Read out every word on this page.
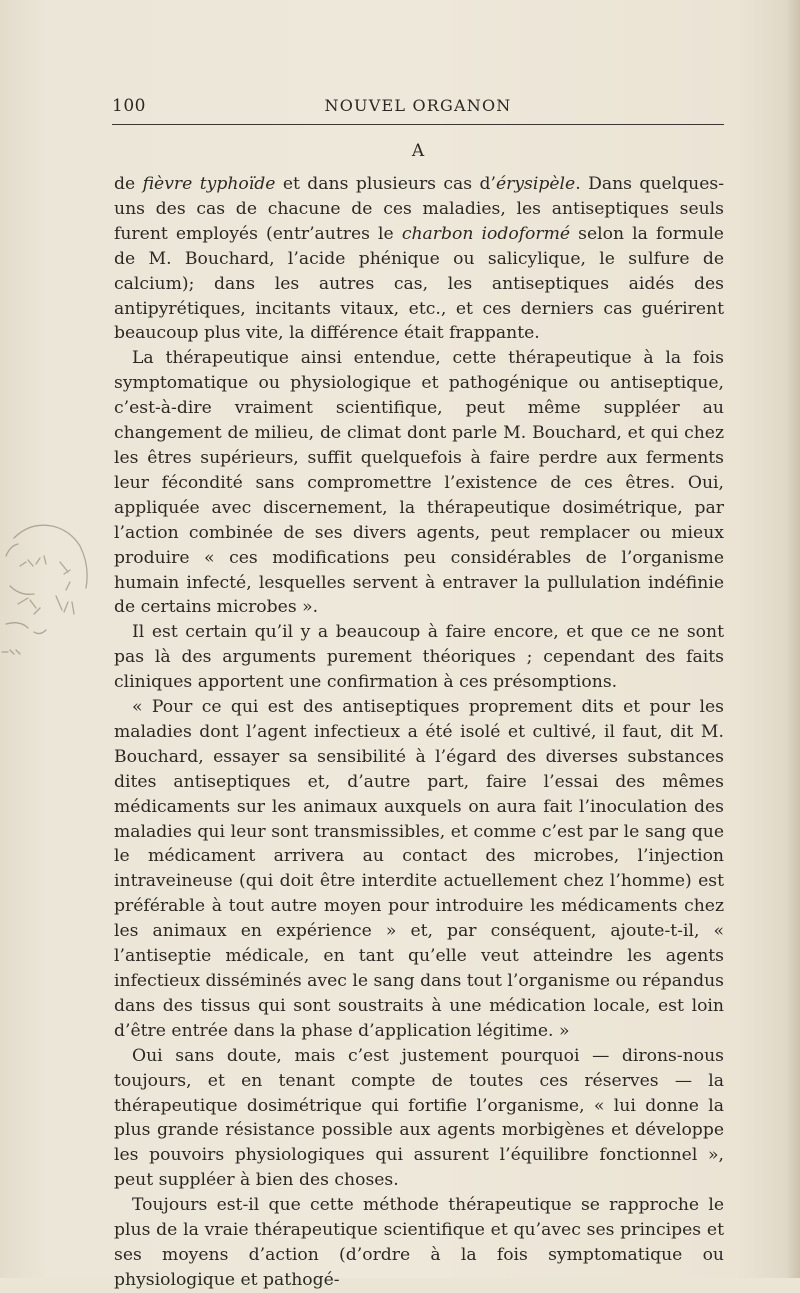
100	NOUVEL ORGANON
A

de fièvre typhoïde et dans plusieurs cas d’érysipèle. Dans quelques-uns des cas de chacune de ces maladies, les antiseptiques seuls furent employés (entr’autres le charbon iodoformé selon la formule de M. Bouchard, l’acide phénique ou salicylique, le sulfure de calcium); dans les autres cas, les antiseptiques aidés des antipyrétiques, incitants vitaux, etc., et ces derniers cas guérirent beaucoup plus vite, la différence était frappante.

La thérapeutique ainsi entendue, cette thérapeutique à la fois symptomatique ou physiologique et pathogénique ou antiseptique, c’est-à-dire vraiment scientifique, peut même suppléer au changement de milieu, de climat dont parle M. Bouchard, et qui chez les êtres supérieurs, suffit quelquefois à faire perdre aux ferments leur fécondité sans compromettre l’existence de ces êtres. Oui, appliquée avec discernement, la thérapeutique dosimétrique, par l’action combinée de ses divers agents, peut remplacer ou mieux produire « ces modifications peu considérables de l’organisme humain infecté, lesquelles servent à entraver la pullulation indéfinie de certains microbes ».

Il est certain qu’il y a beaucoup à faire encore, et que ce ne sont pas là des arguments purement théoriques ; cependant des faits cliniques apportent une confirmation à ces présomptions.

« Pour ce qui est des antiseptiques proprement dits et pour les maladies dont l’agent infectieux a été isolé et cultivé, il faut, dit M. Bouchard, essayer sa sensibilité à l’égard des diverses substances dites antiseptiques et, d’autre part, faire l’essai des mêmes médicaments sur les animaux auxquels on aura fait l’inoculation des maladies qui leur sont transmissibles, et comme c’est par le sang que le médicament arrivera au contact des microbes, l’injection intraveineuse (qui doit être interdite actuellement chez l’homme) est préférable à tout autre moyen pour introduire les médicaments chez les animaux en expérience » et, par conséquent, ajoute-t-il, « l’antiseptie médicale, en tant qu’elle veut atteindre les agents infectieux disséminés avec le sang dans tout l’organisme ou répandus dans des tissus qui sont soustraits à une médication locale, est loin d’être entrée dans la phase d’application légitime. »

Oui sans doute, mais c’est justement pourquoi — dirons-nous toujours, et en tenant compte de toutes ces réserves — la thérapeutique dosimétrique qui fortifie l’organisme, « lui donne la plus grande résistance possible aux agents morbigènes et développe les pouvoirs physiologiques qui assurent l’équilibre fonctionnel », peut suppléer à bien des choses.

Toujours est-il que cette méthode thérapeutique se rapproche le plus de la vraie thérapeutique scientifique et qu’avec ses principes et ses moyens d’action (d’ordre à la fois symptomatique ou physiologique et pathogé-
